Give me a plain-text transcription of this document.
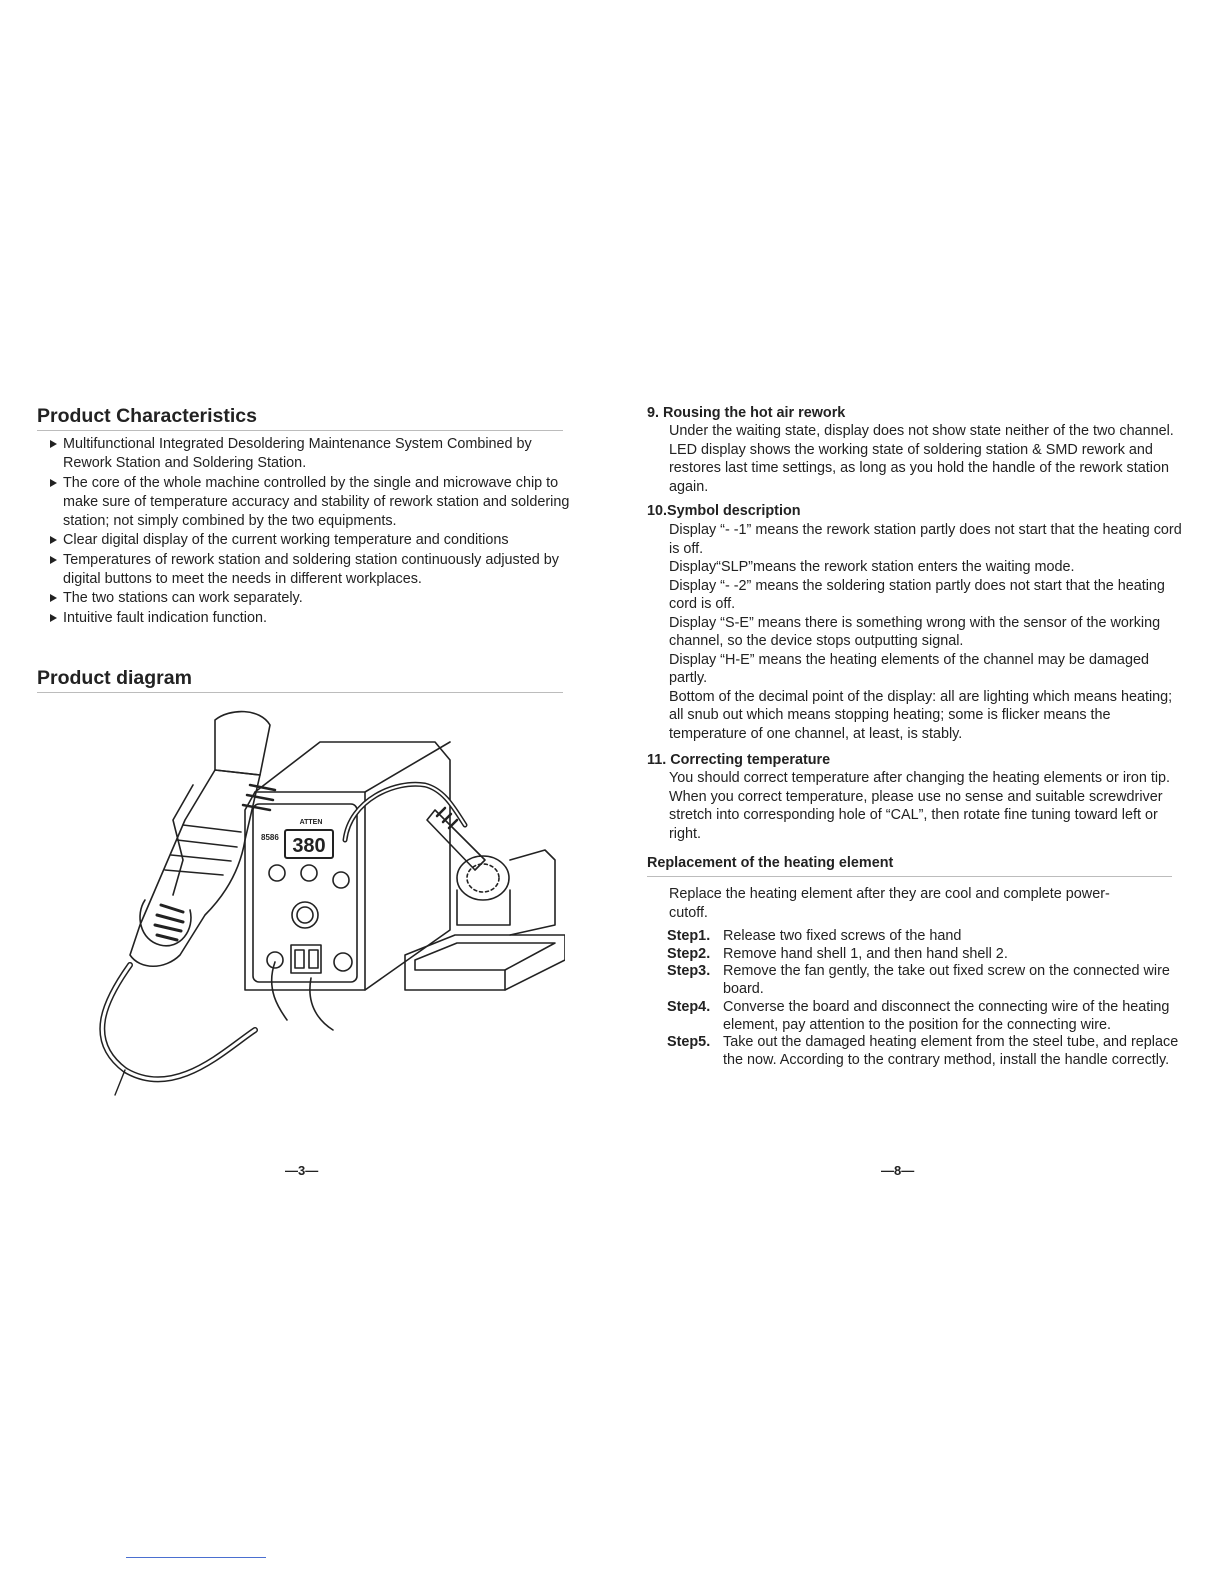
Product Characteristics
Multifunctional Integrated Desoldering Maintenance System Combined by Rework Station and Soldering Station.
The core of the whole machine controlled by the single and microwave chip to make sure of temperature accuracy and stability of rework station and soldering station; not simply combined by the two equipments.
Clear digital display of the current working temperature and conditions
Temperatures of rework station and soldering station continuously adjusted by digital buttons to meet the needs in different workplaces.
The two stations can work separately.
Intuitive fault indication function.
Product diagram
380
ATTEN
8586
—3—
9. Rousing the hot air rework
Under the waiting state, display does not show state neither of the two channel. LED display shows the working state of soldering station & SMD rework and restores last time settings, as long as you hold the handle of the rework station again.
10.Symbol description

Display “- -1” means the rework station partly does not start that the heating cord is off.

Display“SLP”means the rework station enters the waiting mode.

Display “- -2” means the soldering station partly does not start that the heating cord is off.

Display “S-E” means there is something wrong with the sensor of the working channel, so the device stops outputting signal.

Display “H-E” means the heating elements of the channel may be damaged partly.

Bottom of the decimal point of the display: all are lighting which means heating; all snub out which means stopping heating; some is flicker means the temperature of one channel, at least, is stably.

11. Correcting temperature
You should correct temperature after changing the heating elements or iron tip. When you correct temperature, please use no sense and suitable screwdriver stretch into corresponding hole of “CAL”, then rotate fine tuning toward left or right.
Replacement of the heating element
Replace the heating element after they are cool and complete power-cutoff.
Step1. Release two fixed screws of the hand
Step2. Remove hand shell 1, and then hand shell 2.
Step3. Remove the fan gently, the take out fixed screw on the connected wire board.
Step4. Converse the board and disconnect the connecting wire of the heating element, pay attention to the position for the connecting wire.
Step5. Take out the damaged heating element from the steel tube, and replace the now. According to the contrary method, install the handle correctly.
—8—
